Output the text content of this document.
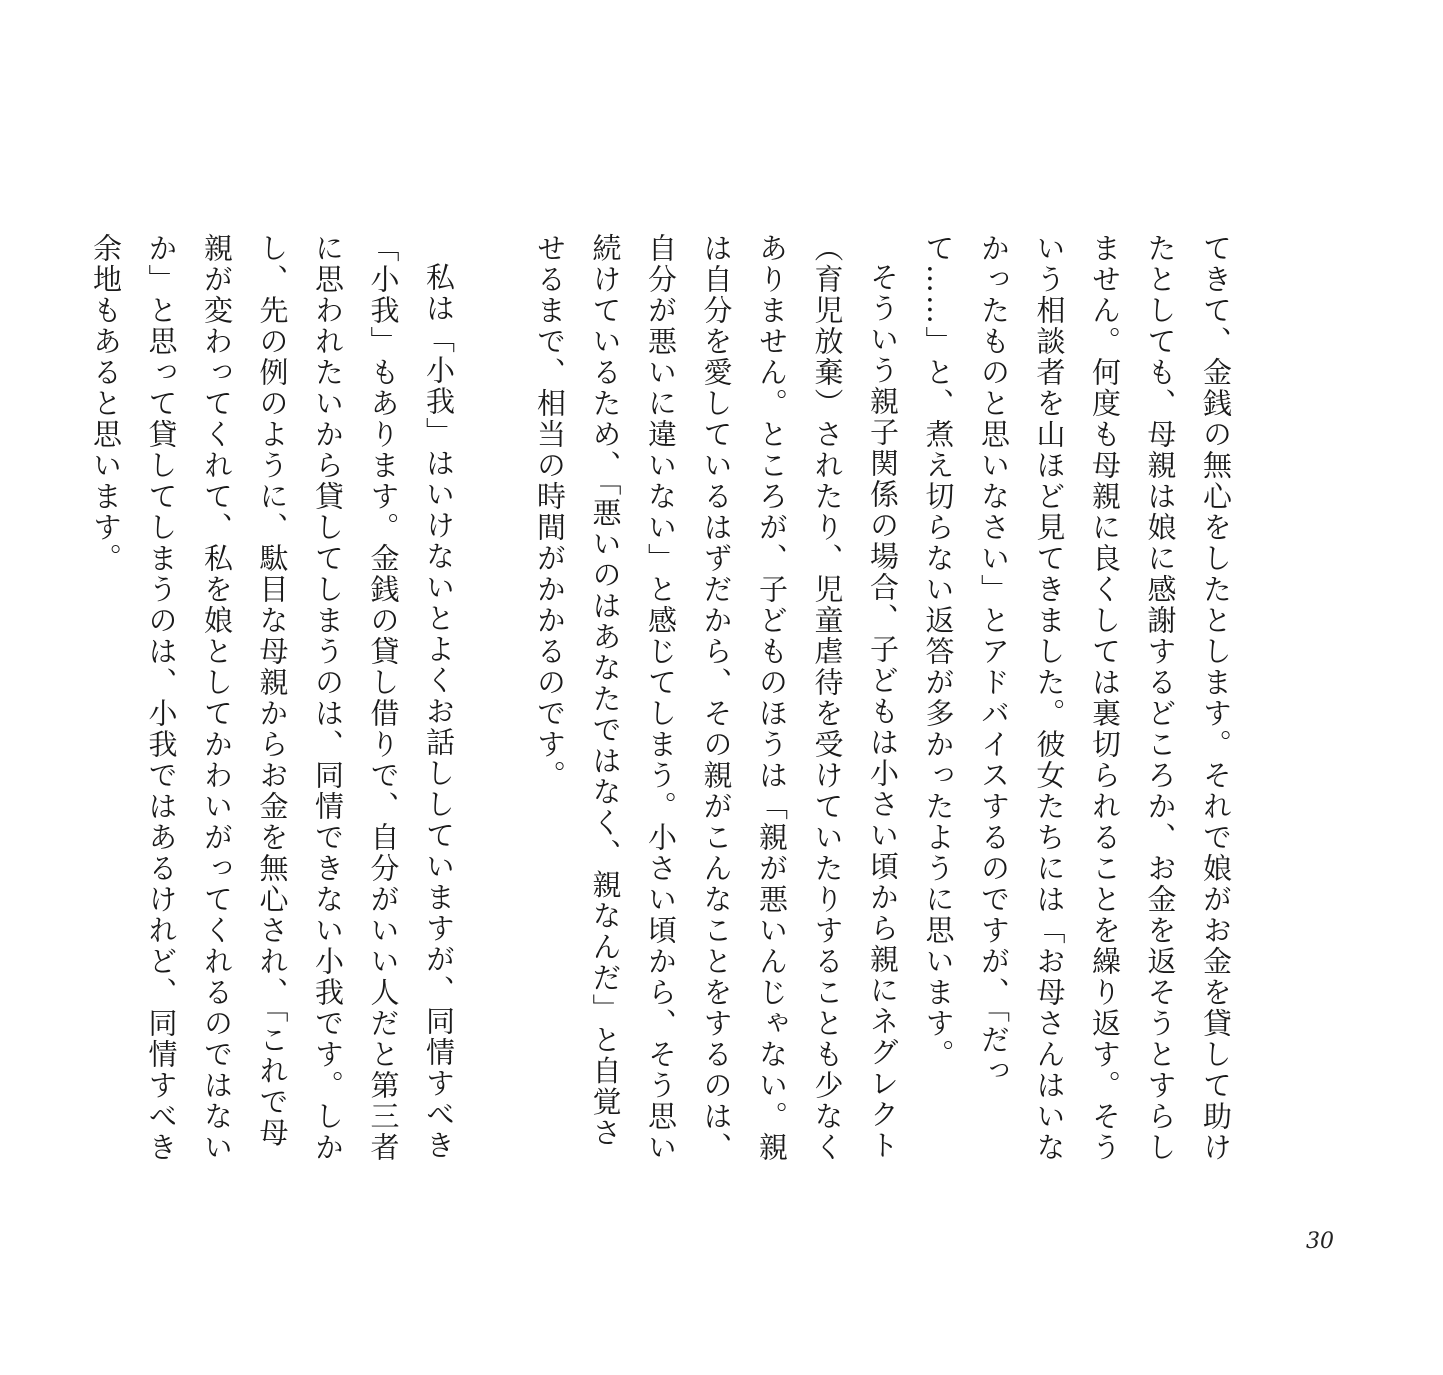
てきて、金銭の無心をしたとします。それで娘がお金を貸して助けたとしても、母親は娘に感謝するどころか、お金を返そうとすらしません。何度も母親に良くしては裏切られることを繰り返す。そういう相談者を山ほど見てきました。彼女たちには「お母さんはいなかったものと思いなさい」とアドバイスするのですが、「だって……」と、煮え切らない返答が多かったように思います。

そういう親子関係の場合、子どもは小さい頃から親にネグレクト（育児放棄）されたり、児童虐待を受けていたりすることも少なくありません。ところが、子どものほうは「親が悪いんじゃない。親は自分を愛しているはずだから、その親がこんなことをするのは、自分が悪いに違いない」と感じてしまう。小さい頃から、そう思い続けているため、「悪いのはあなたではなく、親なんだ」と自覚させるまで、相当の時間がかかるのです。

私は「小我」はいけないとよくお話ししていますが、同情すべき「小我」もあります。金銭の貸し借りで、自分がいい人だと第三者に思われたいから貸してしまうのは、同情できない小我です。しかし、先の例のように、駄目な母親からお金を無心され、「これで母親が変わってくれて、私を娘としてかわいがってくれるのではないか」と思って貸してしまうのは、小我ではあるけれど、同情すべき余地もあると思います。

30
